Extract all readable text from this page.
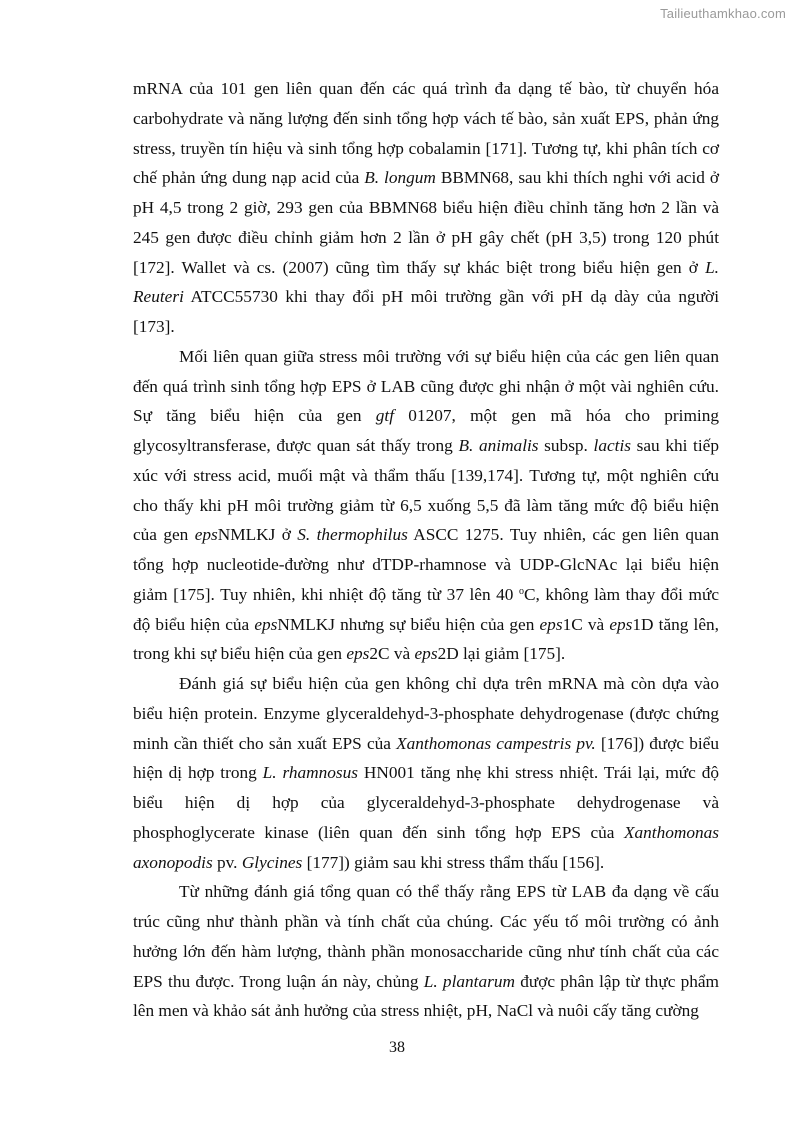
Tailieuthamkhao.com
mRNA của 101 gen liên quan đến các quá trình đa dạng tế bào, từ chuyển hóa
carbohydrate và năng lượng đến sinh tổng hợp vách tế bào, sản xuất EPS, phản ứng
stress, truyền tín hiệu và sinh tổng hợp cobalamin [171]. Tương tự, khi phân tích cơ
chế phản ứng dung nạp acid của B. longum BBMN68, sau khi thích nghi với acid ở
pH 4,5 trong 2 giờ, 293 gen của BBMN68 biểu hiện điều chỉnh tăng hơn 2 lần và
245 gen được điều chỉnh giảm hơn 2 lần ở pH gây chết (pH 3,5) trong 120 phút
[172]. Wallet và cs. (2007) cũng tìm thấy sự khác biệt trong biểu hiện gen ở L.
Reuteri ATCC55730 khi thay đổi pH môi trường gần với pH dạ dày của người
[173].
Mối liên quan giữa stress môi trường với sự biểu hiện của các gen liên quan
đến quá trình sinh tổng hợp EPS ở LAB cũng được ghi nhận ở một vài nghiên cứu.
Sự tăng biểu hiện của gen gtf 01207, một gen mã hóa cho priming
glycosyltransferase, được quan sát thấy trong B. animalis subsp. lactis sau khi tiếp
xúc với stress acid, muối mật và thẩm thấu [139,174]. Tương tự, một nghiên cứu
cho thấy khi pH môi trường giảm từ 6,5 xuống 5,5 đã làm tăng mức độ biểu hiện
của gen epsNMLKJ ở S. thermophilus ASCC 1275. Tuy nhiên, các gen liên quan
tổng hợp nucleotide-đường như dTDP-rhamnose và UDP-GlcNAc lại biểu hiện
giảm [175]. Tuy nhiên, khi nhiệt độ tăng từ 37 lên 40 $^o$C, không làm thay đổi mức
độ biểu hiện của epsNMLKJ nhưng sự biểu hiện của gen eps1C và eps1D tăng lên,
trong khi sự biểu hiện của gen eps2C và eps2D lại giảm [175].
Đánh giá sự biểu hiện của gen không chỉ dựa trên mRNA mà còn dựa vào
biểu hiện protein. Enzyme glyceraldehyd-3-phosphate dehydrogenase (được chứng
minh cần thiết cho sản xuất EPS của Xanthomonas campestris pv. [176]) được biểu
hiện dị hợp trong L. rhamnosus HN001 tăng nhẹ khi stress nhiệt. Trái lại, mức độ
biểu hiện dị hợp của glyceraldehyd-3-phosphate dehydrogenase và
phosphoglycerate kinase (liên quan đến sinh tổng hợp EPS của Xanthomonas
axonopodis pv. Glycines [177]) giảm sau khi stress thẩm thấu [156].
Từ những đánh giá tổng quan có thể thấy rằng EPS từ LAB đa dạng về cấu
trúc cũng như thành phần và tính chất của chúng. Các yếu tố môi trường có ảnh
hưởng lớn đến hàm lượng, thành phần monosaccharide cũng như tính chất của các
EPS thu được. Trong luận án này, chủng L. plantarum được phân lập từ thực phẩm
lên men và khảo sát ảnh hưởng của stress nhiệt, pH, NaCl và nuôi cấy tăng cường
38
